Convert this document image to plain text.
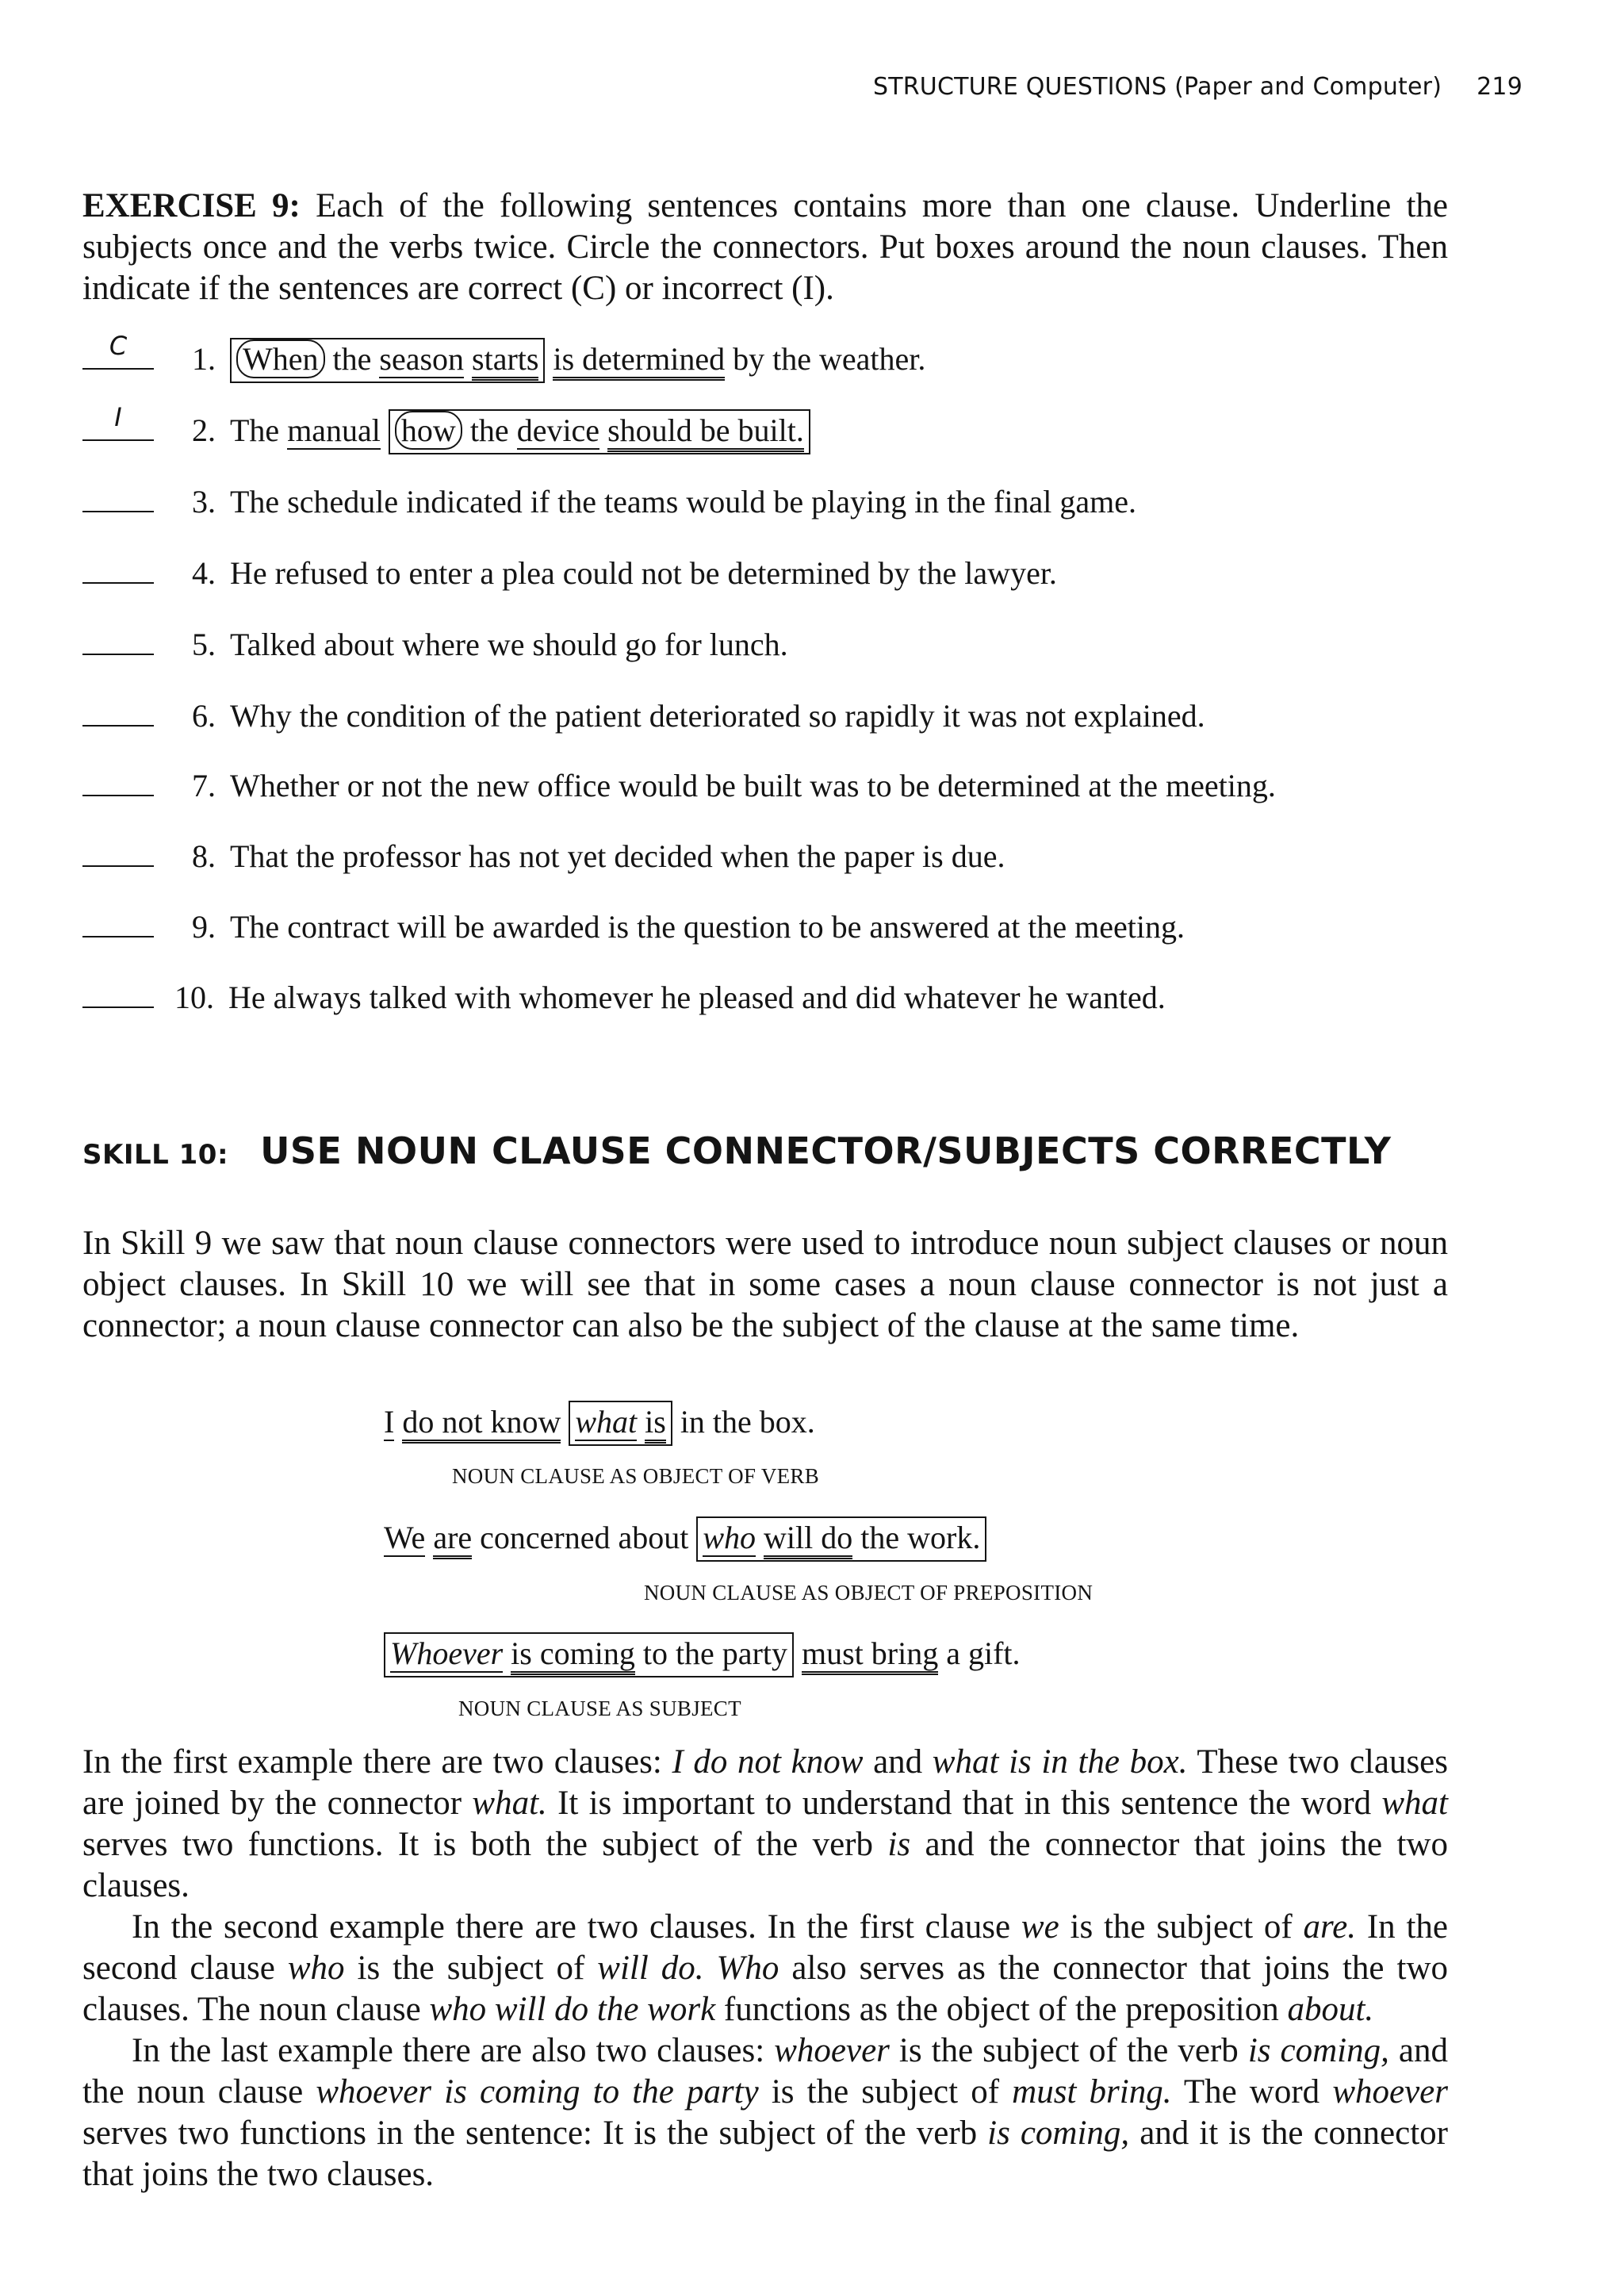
STRUCTURE QUESTIONS (Paper and Computer) 219
EXERCISE 9: Each of the following sentences contains more than one clause. Underline the subjects once and the verbs twice. Circle the connectors. Put boxes around the noun clauses. Then indicate if the sentences are correct (C) or incorrect (I).
C	1. When the season starts is determined by the weather.
I	2. The manual how the device should be built.
3. The schedule indicated if the teams would be playing in the final game.
4. He refused to enter a plea could not be determined by the lawyer.
5. Talked about where we should go for lunch.
6. Why the condition of the patient deteriorated so rapidly it was not explained.
7. Whether or not the new office would be built was to be determined at the meeting.
8. That the professor has not yet decided when the paper is due.
9. The contract will be awarded is the question to be answered at the meeting.
10. He always talked with whomever he pleased and did whatever he wanted.
SKILL 10: USE NOUN CLAUSE CONNECTOR/SUBJECTS CORRECTLY
In Skill 9 we saw that noun clause connectors were used to introduce noun subject clauses or noun object clauses. In Skill 10 we will see that in some cases a noun clause connector is not just a connector; a noun clause connector can also be the subject of the clause at the same time.
I do not know what is in the box.
NOUN CLAUSE AS OBJECT OF VERB
We are concerned about who will do the work.
NOUN CLAUSE AS OBJECT OF PREPOSITION
Whoever is coming to the party must bring a gift.
NOUN CLAUSE AS SUBJECT

In the first example there are two clauses: I do not know and what is in the box. These two clauses are joined by the connector what. It is important to understand that in this sentence the word what serves two functions. It is both the subject of the verb is and the connector that joins the two clauses.

In the second example there are two clauses. In the first clause we is the subject of are. In the second clause who is the subject of will do. Who also serves as the connector that joins the two clauses. The noun clause who will do the work functions as the object of the preposition about.

In the last example there are also two clauses: whoever is the subject of the verb is coming, and the noun clause whoever is coming to the party is the subject of must bring. The word whoever serves two functions in the sentence: It is the subject of the verb is coming, and it is the connector that joins the two clauses.
